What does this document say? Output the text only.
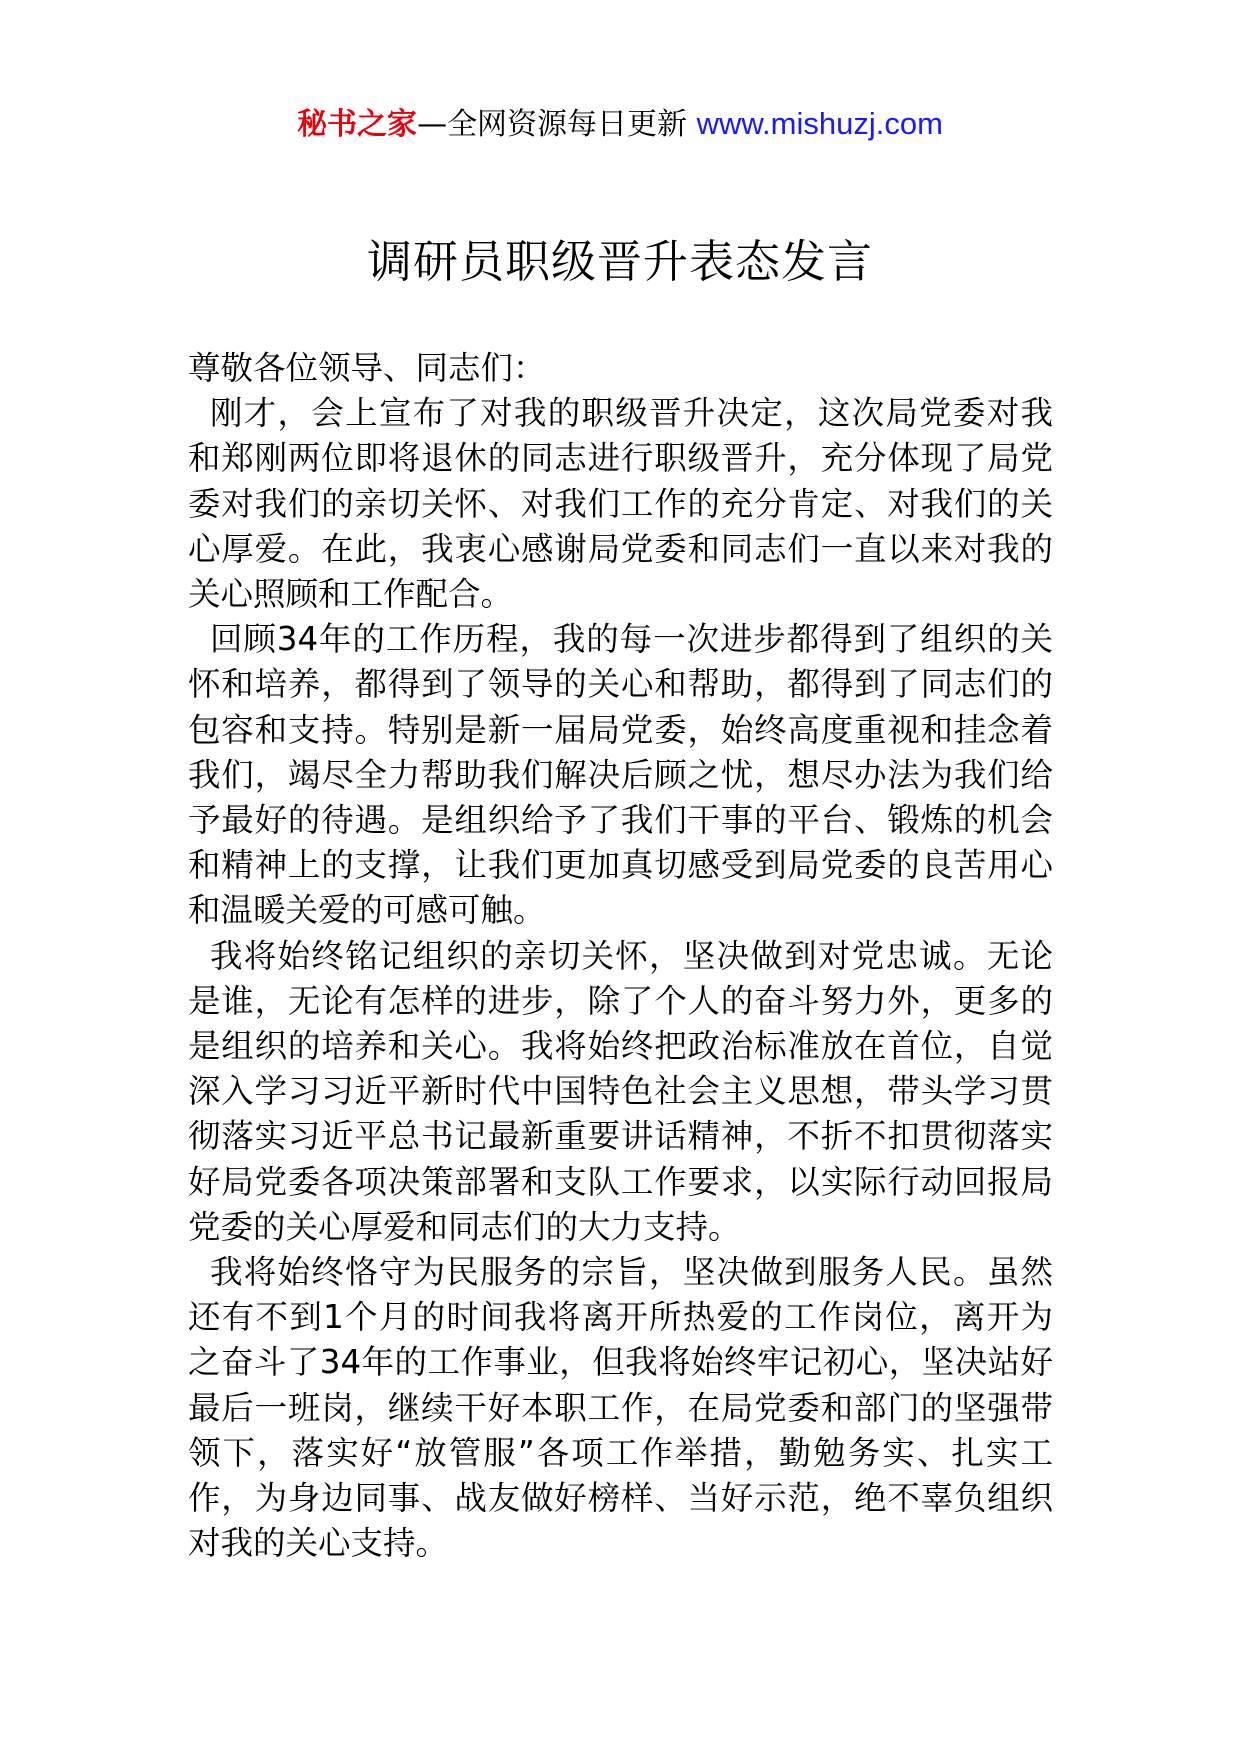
秘书之家—全网资源每日更新 www.mishuzj.com
调研员职级晋升表态发言

尊敬各位领导、同志们：

刚才，会上宣布了对我的职级晋升决定，这次局党委对我和郑刚两位即将退休的同志进行职级晋升，充分体现了局党委对我们的亲切关怀、对我们工作的充分肯定、对我们的关心厚爱。在此，我衷心感谢局党委和同志们一直以来对我的关心照顾和工作配合。

回顾34年的工作历程，我的每一次进步都得到了组织的关怀和培养，都得到了领导的关心和帮助，都得到了同志们的包容和支持。特别是新一届局党委，始终高度重视和挂念着我们，竭尽全力帮助我们解决后顾之忧，想尽办法为我们给予最好的待遇。是组织给予了我们干事的平台、锻炼的机会和精神上的支撑，让我们更加真切感受到局党委的良苦用心和温暖关爱的可感可触。

我将始终铭记组织的亲切关怀，坚决做到对党忠诚。无论是谁，无论有怎样的进步，除了个人的奋斗努力外，更多的是组织的培养和关心。我将始终把政治标准放在首位，自觉深入学习习近平新时代中国特色社会主义思想，带头学习贯彻落实习近平总书记最新重要讲话精神，不折不扣贯彻落实好局党委各项决策部署和支队工作要求，以实际行动回报局党委的关心厚爱和同志们的大力支持。

我将始终恪守为民服务的宗旨，坚决做到服务人民。虽然还有不到1个月的时间我将离开所热爱的工作岗位，离开为之奋斗了34年的工作事业，但我将始终牢记初心，坚决站好最后一班岗，继续干好本职工作，在局党委和部门的坚强带领下，落实好“放管服”各项工作举措，勤勉务实、扎实工作，为身边同事、战友做好榜样、当好示范，绝不辜负组织对我的关心支持。
